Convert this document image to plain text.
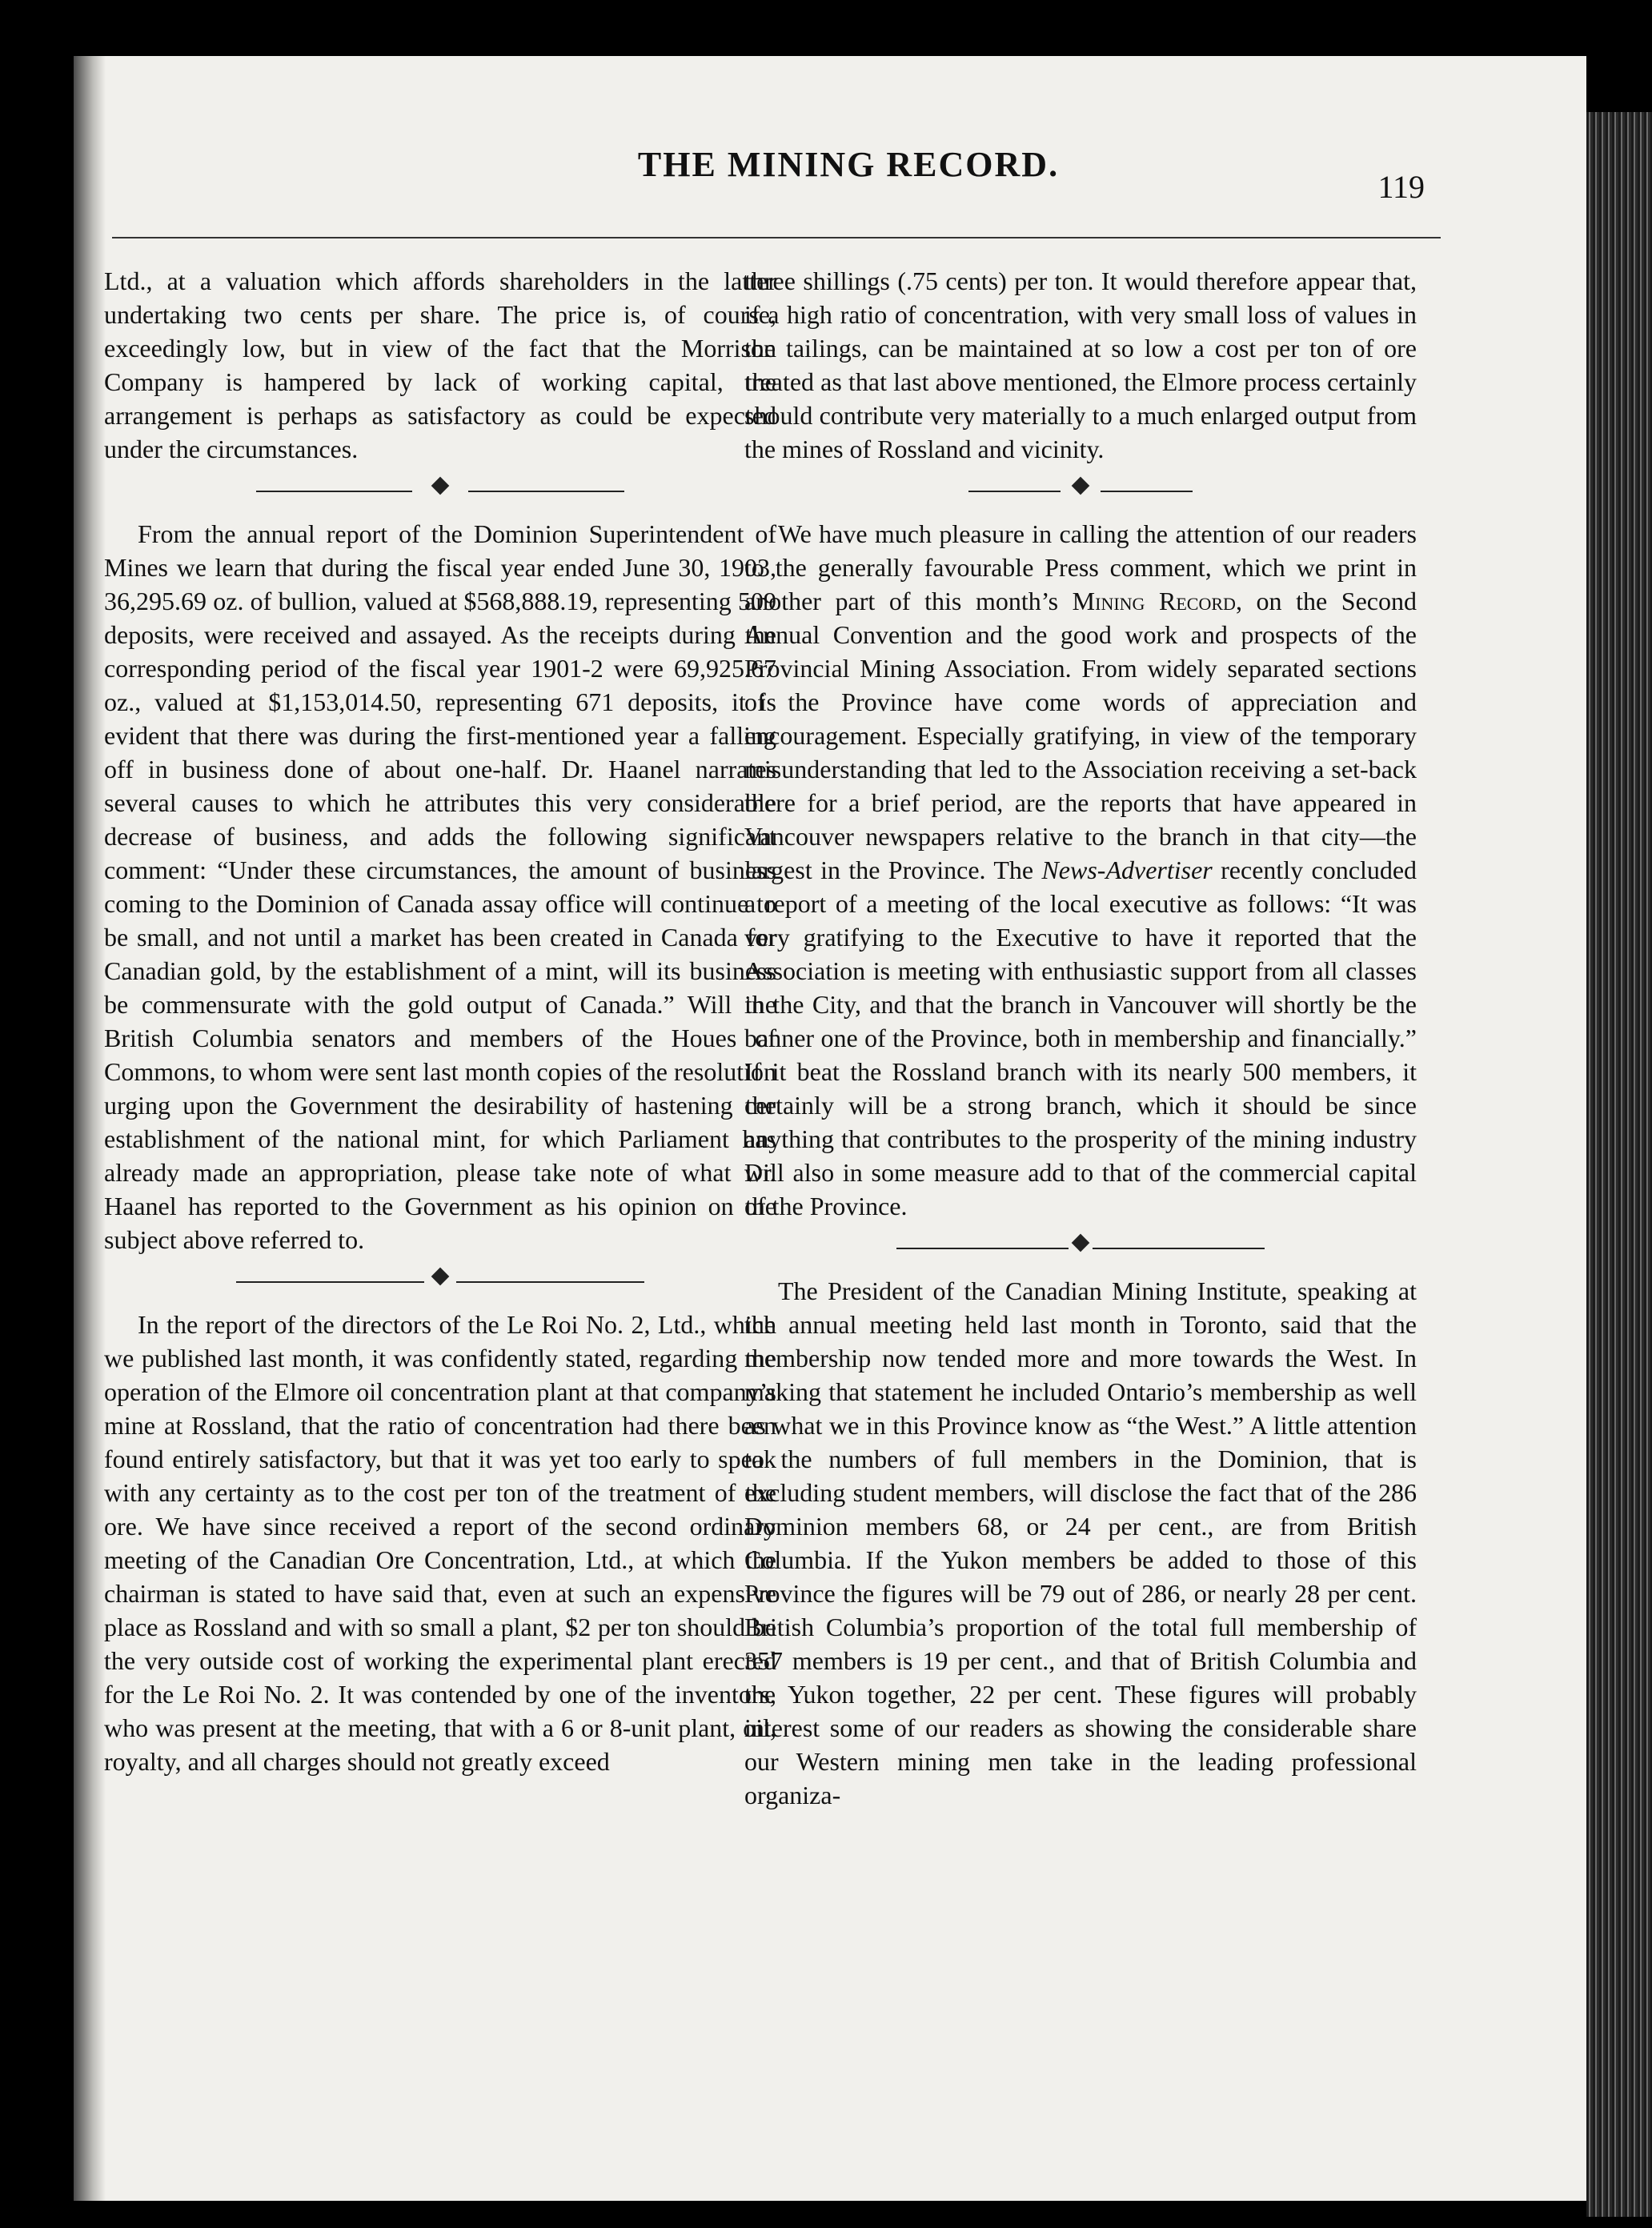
THE MINING RECORD.
119

Ltd., at a valuation which affords shareholders in the latter undertaking two cents per share. The price is, of course, exceedingly low, but in view of the fact that the Morrison Company is hampered by lack of working capital, the arrangement is perhaps as satisfactory as could be expected under the circumstances.

From the annual report of the Dominion Superintendent of Mines we learn that during the fiscal year ended June 30, 1903, 36,295.69 oz. of bullion, valued at $568,888.19, representing 509 deposits, were received and assayed. As the receipts during the corresponding period of the fiscal year 1901-2 were 69,925.67 oz., valued at $1,153,014.50, representing 671 deposits, it is evident that there was during the first-mentioned year a falling off in business done of about one-half. Dr. Haanel narrates several causes to which he attributes this very considerable decrease of business, and adds the following significant comment: “Under these circumstances, the amount of business coming to the Dominion of Canada assay office will continue to be small, and not until a market has been created in Canada for Canadian gold, by the establishment of a mint, will its business be commensurate with the gold output of Canada.” Will the British Columbia senators and members of the Houes of Commons, to whom were sent last month copies of the resolution urging upon the Government the desirability of hastening the establishment of the national mint, for which Parliament has already made an appropriation, please take note of what Dr. Haanel has reported to the Government as his opinion on the subject above referred to.

In the report of the directors of the Le Roi No. 2, Ltd., which we published last month, it was confidently stated, regarding the operation of the Elmore oil concentration plant at that company’s mine at Rossland, that the ratio of concentration had there been found entirely satisfactory, but that it was yet too early to speak with any certainty as to the cost per ton of the treatment of the ore. We have since received a report of the second ordinary meeting of the Canadian Ore Concentration, Ltd., at which the chairman is stated to have said that, even at such an expensive place as Rossland and with so small a plant, $2 per ton should be the very outside cost of working the experimental plant erected for the Le Roi No. 2. It was contended by one of the inventors, who was present at the meeting, that with a 6 or 8-unit plant, oil, royalty, and all charges should not greatly exceed

three shillings (.75 cents) per ton. It would therefore appear that, if a high ratio of concentration, with very small loss of values in the tailings, can be maintained at so low a cost per ton of ore treated as that last above mentioned, the Elmore process certainly should contribute very materially to a much enlarged output from the mines of Rossland and vicinity.

We have much pleasure in calling the attention of our readers to the generally favourable Press comment, which we print in another part of this month’s Mining Record, on the Second Annual Convention and the good work and prospects of the Provincial Mining Association. From widely separated sections of the Province have come words of appreciation and encouragement. Especially gratifying, in view of the temporary misunderstanding that led to the Association receiving a set-back there for a brief period, are the reports that have appeared in Vancouver newspapers relative to the branch in that city—the largest in the Province. The News-Advertiser recently concluded a report of a meeting of the local executive as follows: “It was very gratifying to the Executive to have it reported that the Association is meeting with enthusiastic support from all classes in the City, and that the branch in Vancouver will shortly be the banner one of the Province, both in membership and financially.” If it beat the Rossland branch with its nearly 500 members, it certainly will be a strong branch, which it should be since anything that contributes to the prosperity of the mining industry will also in some measure add to that of the commercial capital of the Province.

The President of the Canadian Mining Institute, speaking at the annual meeting held last month in Toronto, said that the membership now tended more and more towards the West. In making that statement he included Ontario’s membership as well as what we in this Province know as “the West.” A little attention to the numbers of full members in the Dominion, that is excluding student members, will disclose the fact that of the 286 Dominion members 68, or 24 per cent., are from British Columbia. If the Yukon members be added to those of this Province the figures will be 79 out of 286, or nearly 28 per cent. British Columbia’s proportion of the total full membership of 357 members is 19 per cent., and that of British Columbia and the Yukon together, 22 per cent. These figures will probably interest some of our readers as showing the considerable share our Western mining men take in the leading professional organiza-
